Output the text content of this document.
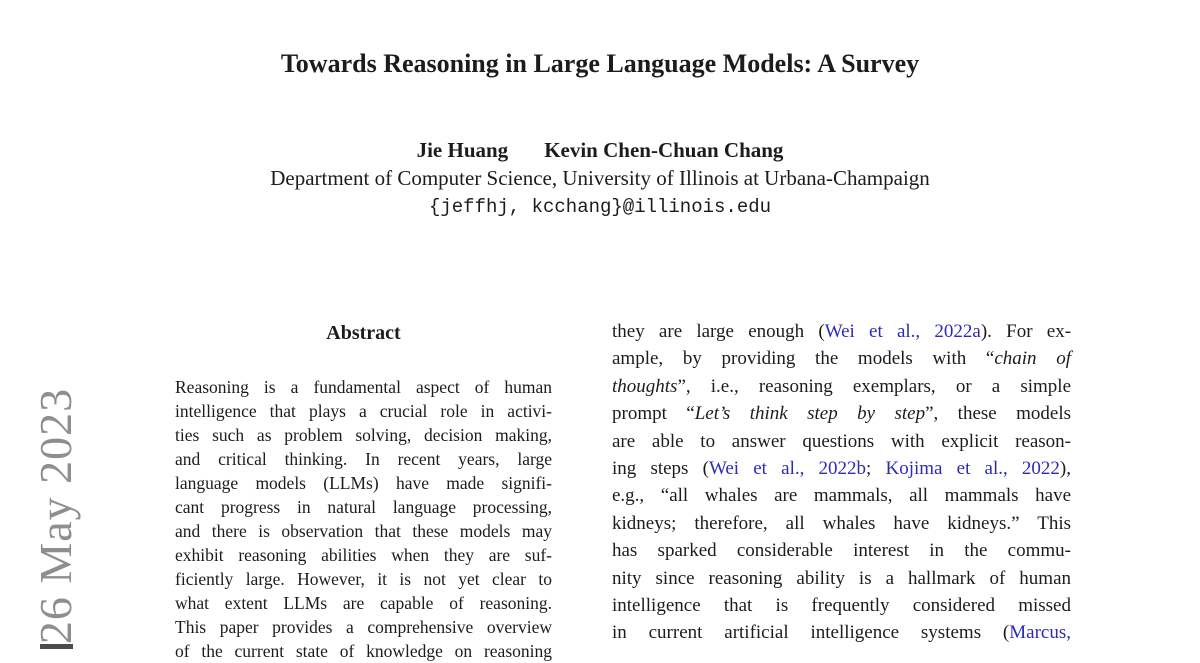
Towards Reasoning in Large Language Models: A Survey
Jie Huang Kevin Chen-Chuan Chang
Department of Computer Science, University of Illinois at Urbana-Champaign
{jeffhj, kcchang}@illinois.edu
26 May 2023
Abstract
Reasoning is a fundamental aspect of human
intelligence that plays a crucial role in activi-
ties such as problem solving, decision making,
and critical thinking. In recent years, large
language models (LLMs) have made signifi-
cant progress in natural language processing,
and there is observation that these models may
exhibit reasoning abilities when they are suf-
ficiently large. However, it is not yet clear to
what extent LLMs are capable of reasoning.
This paper provides a comprehensive overview
of the current state of knowledge on reasoning
they are large enough (Wei et al., 2022a). For ex-
ample, by providing the models with “chain of
thoughts”, i.e., reasoning exemplars, or a simple
prompt “Let’s think step by step”, these models
are able to answer questions with explicit reason-
ing steps (Wei et al., 2022b; Kojima et al., 2022),
e.g., “all whales are mammals, all mammals have
kidneys; therefore, all whales have kidneys.” This
has sparked considerable interest in the commu-
nity since reasoning ability is a hallmark of human
intelligence that is frequently considered missed
in current artificial intelligence systems (Marcus,
